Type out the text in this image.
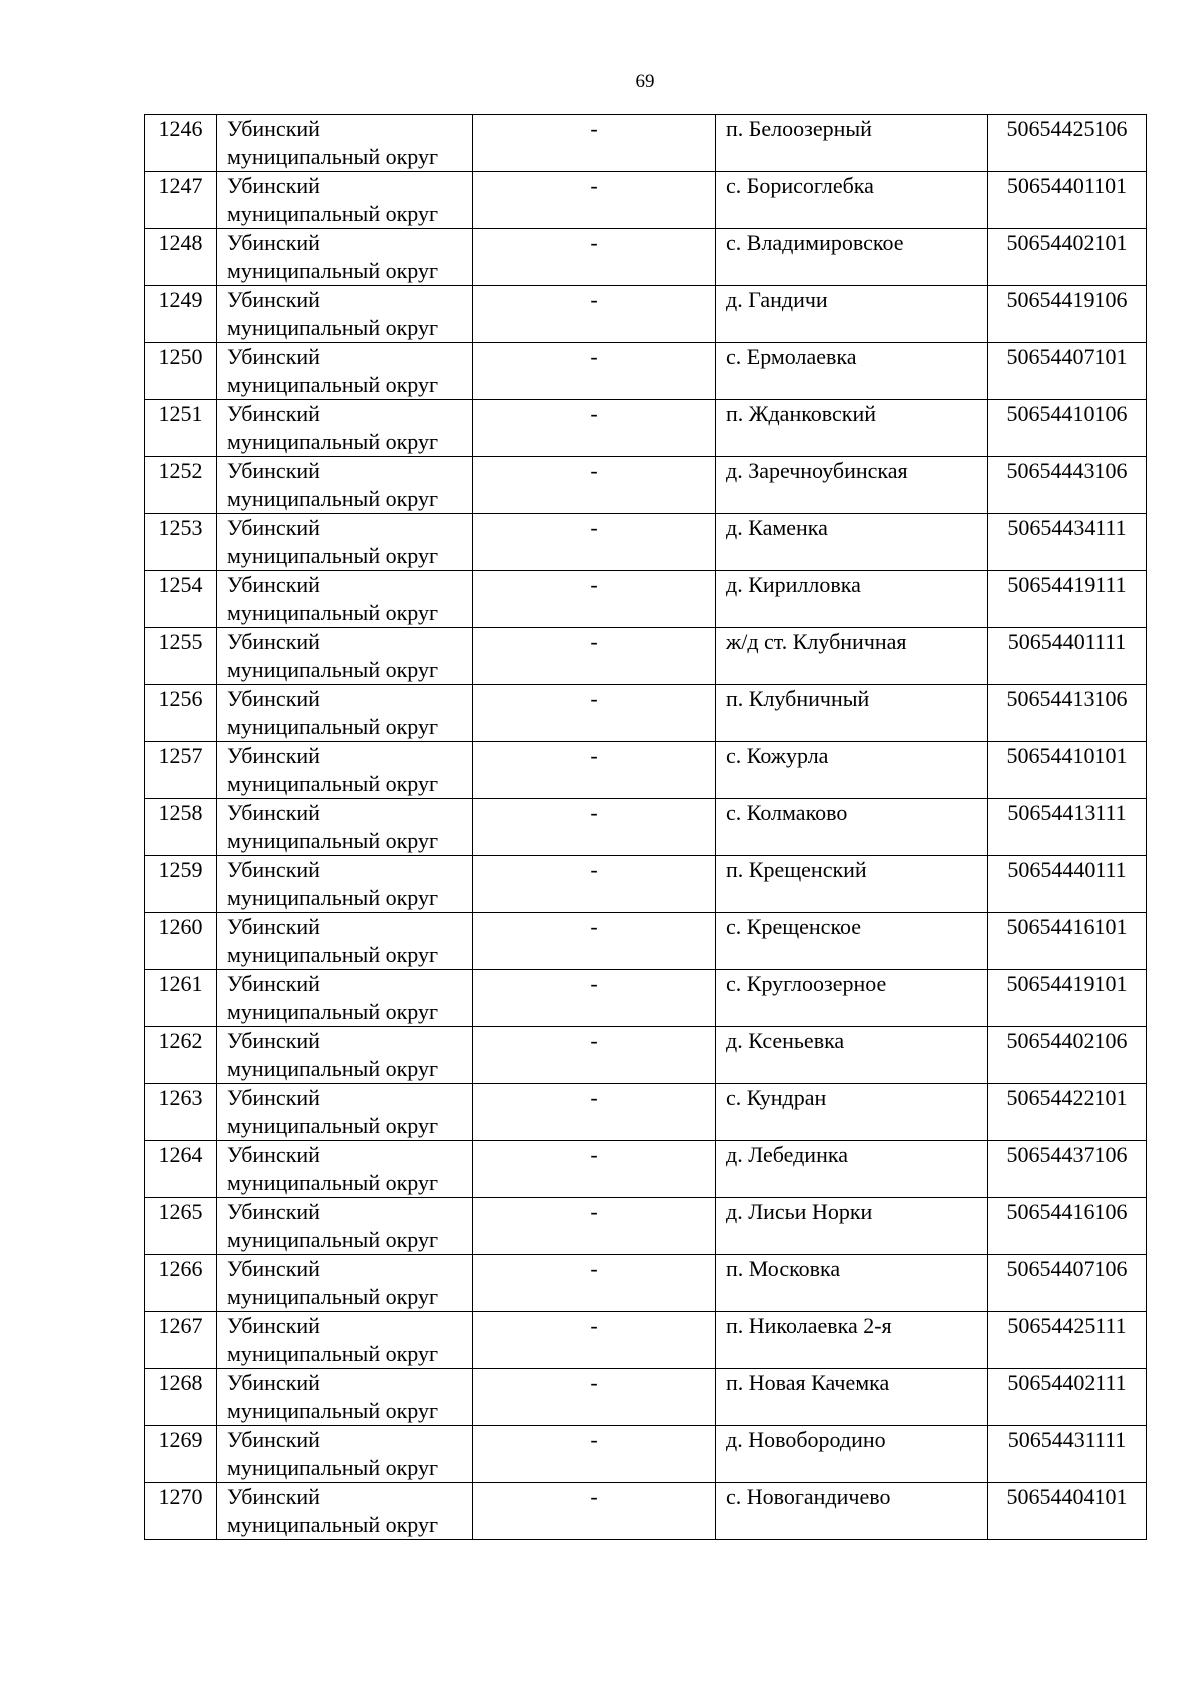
69
1246	Убинский
муниципальный округ	-	п. Белоозерный	50654425106
1247	Убинский
муниципальный округ	-	с. Борисоглебка	50654401101
1248	Убинский
муниципальный округ	-	с. Владимировское	50654402101
1249	Убинский
муниципальный округ	-	д. Гандичи	50654419106
1250	Убинский
муниципальный округ	-	с. Ермолаевка	50654407101
1251	Убинский
муниципальный округ	-	п. Жданковский	50654410106
1252	Убинский
муниципальный округ	-	д. Заречноубинская	50654443106
1253	Убинский
муниципальный округ	-	д. Каменка	50654434111
1254	Убинский
муниципальный округ	-	д. Кирилловка	50654419111
1255	Убинский
муниципальный округ	-	ж/д ст. Клубничная	50654401111
1256	Убинский
муниципальный округ	-	п. Клубничный	50654413106
1257	Убинский
муниципальный округ	-	с. Кожурла	50654410101
1258	Убинский
муниципальный округ	-	с. Колмаково	50654413111
1259	Убинский
муниципальный округ	-	п. Крещенский	50654440111
1260	Убинский
муниципальный округ	-	с. Крещенское	50654416101
1261	Убинский
муниципальный округ	-	с. Круглоозерное	50654419101
1262	Убинский
муниципальный округ	-	д. Ксеньевка	50654402106
1263	Убинский
муниципальный округ	-	с. Кундран	50654422101
1264	Убинский
муниципальный округ	-	д. Лебединка	50654437106
1265	Убинский
муниципальный округ	-	д. Лисьи Норки	50654416106
1266	Убинский
муниципальный округ	-	п. Московка	50654407106
1267	Убинский
муниципальный округ	-	п. Николаевка 2-я	50654425111
1268	Убинский
муниципальный округ	-	п. Новая Качемка	50654402111
1269	Убинский
муниципальный округ	-	д. Новобородино	50654431111
1270	Убинский
муниципальный округ	-	с. Новогандичево	50654404101
